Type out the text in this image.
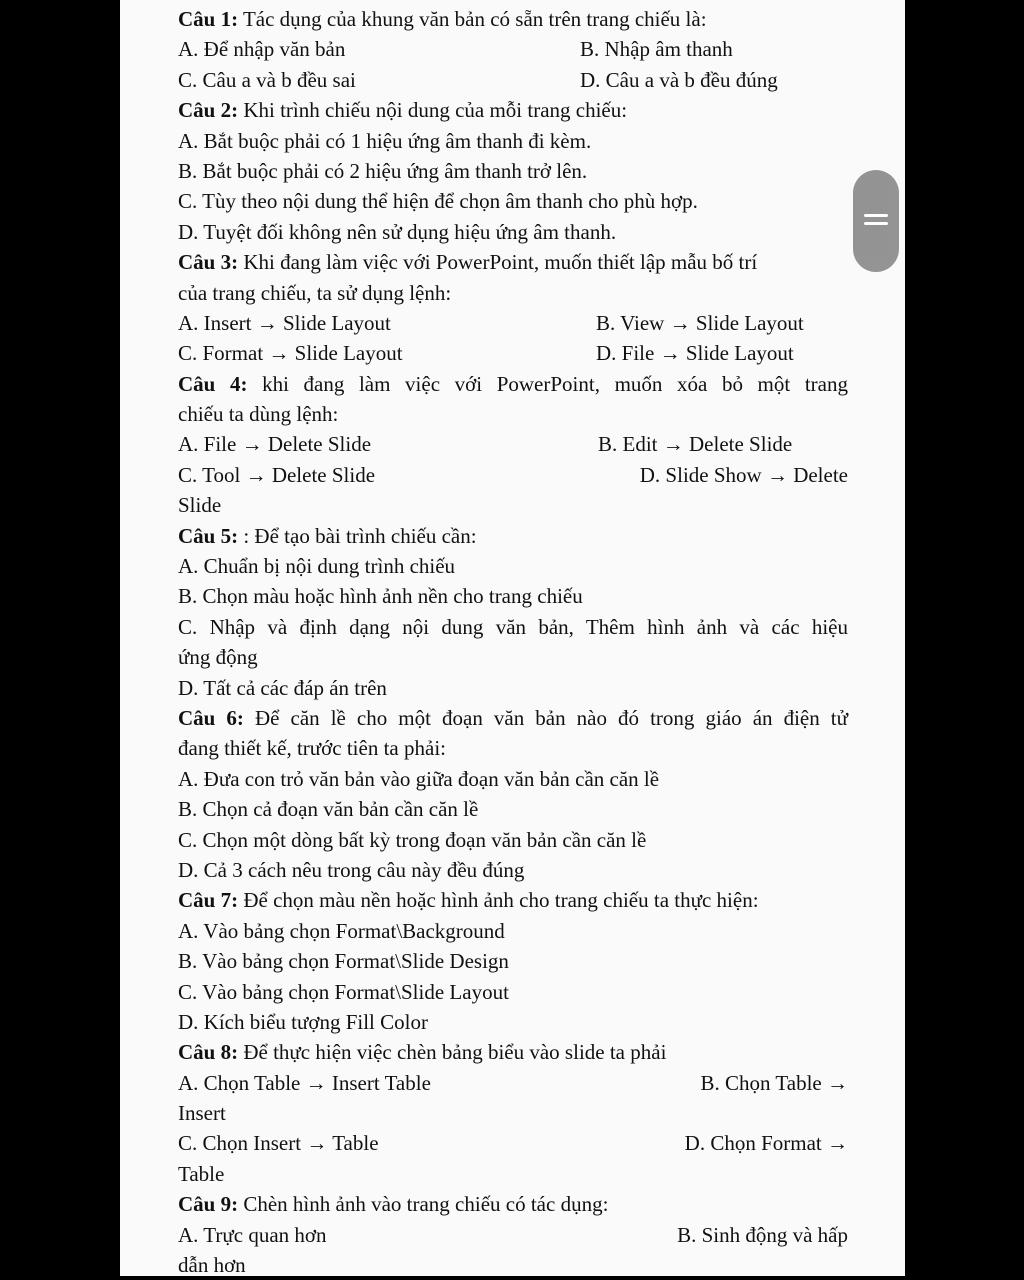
Câu 1: Tác dụng của khung văn bản có sẵn trên trang chiếu là:
A. Để nhập văn bản	B. Nhập âm thanh
C. Câu a và b đều sai	D. Câu a và b đều đúng
Câu 2: Khi trình chiếu nội dung của mỗi trang chiếu:
A. Bắt buộc phải có 1 hiệu ứng âm thanh đi kèm.
B. Bắt buộc phải có 2 hiệu ứng âm thanh trở lên.
C. Tùy theo nội dung thể hiện để chọn âm thanh cho phù hợp.
D. Tuyệt đối không nên sử dụng hiệu ứng âm thanh.
Câu 3: Khi đang làm việc với PowerPoint, muốn thiết lập mẫu bố trí
của trang chiếu, ta sử dụng lệnh:
A. Insert → Slide Layout	B. View → Slide Layout
C. Format → Slide Layout	D. File → Slide Layout
Câu 4: khi đang làm việc với PowerPoint, muốn xóa bỏ một trang
chiếu ta dùng lệnh:
A. File → Delete Slide	B. Edit → Delete Slide
C. Tool → Delete Slide	D. Slide Show → Delete
Slide
Câu 5: : Để tạo bài trình chiếu cần:
A. Chuẩn bị nội dung trình chiếu
B. Chọn màu hoặc hình ảnh nền cho trang chiếu
C. Nhập và định dạng nội dung văn bản, Thêm hình ảnh và các hiệu
ứng động
D. Tất cả các đáp án trên
Câu 6: Để căn lề cho một đoạn văn bản nào đó trong giáo án điện tử
đang thiết kế, trước tiên ta phải:
A. Đưa con trỏ văn bản vào giữa đoạn văn bản cần căn lề
B. Chọn cả đoạn văn bản cần căn lề
C. Chọn một dòng bất kỳ trong đoạn văn bản cần căn lề
D. Cả 3 cách nêu trong câu này đều đúng
Câu 7: Để chọn màu nền hoặc hình ảnh cho trang chiếu ta thực hiện:
A. Vào bảng chọn Format\Background
B. Vào bảng chọn Format\Slide Design
C. Vào bảng chọn Format\Slide Layout
D. Kích biểu tượng Fill Color
Câu 8: Để thực hiện việc chèn bảng biểu vào slide ta phải
A. Chọn Table → Insert Table	B. Chọn Table →
Insert
C. Chọn Insert → Table	D. Chọn Format →
Table
Câu 9: Chèn hình ảnh vào trang chiếu có tác dụng:
A. Trực quan hơn	B. Sinh động và hấp
dẫn hơn
